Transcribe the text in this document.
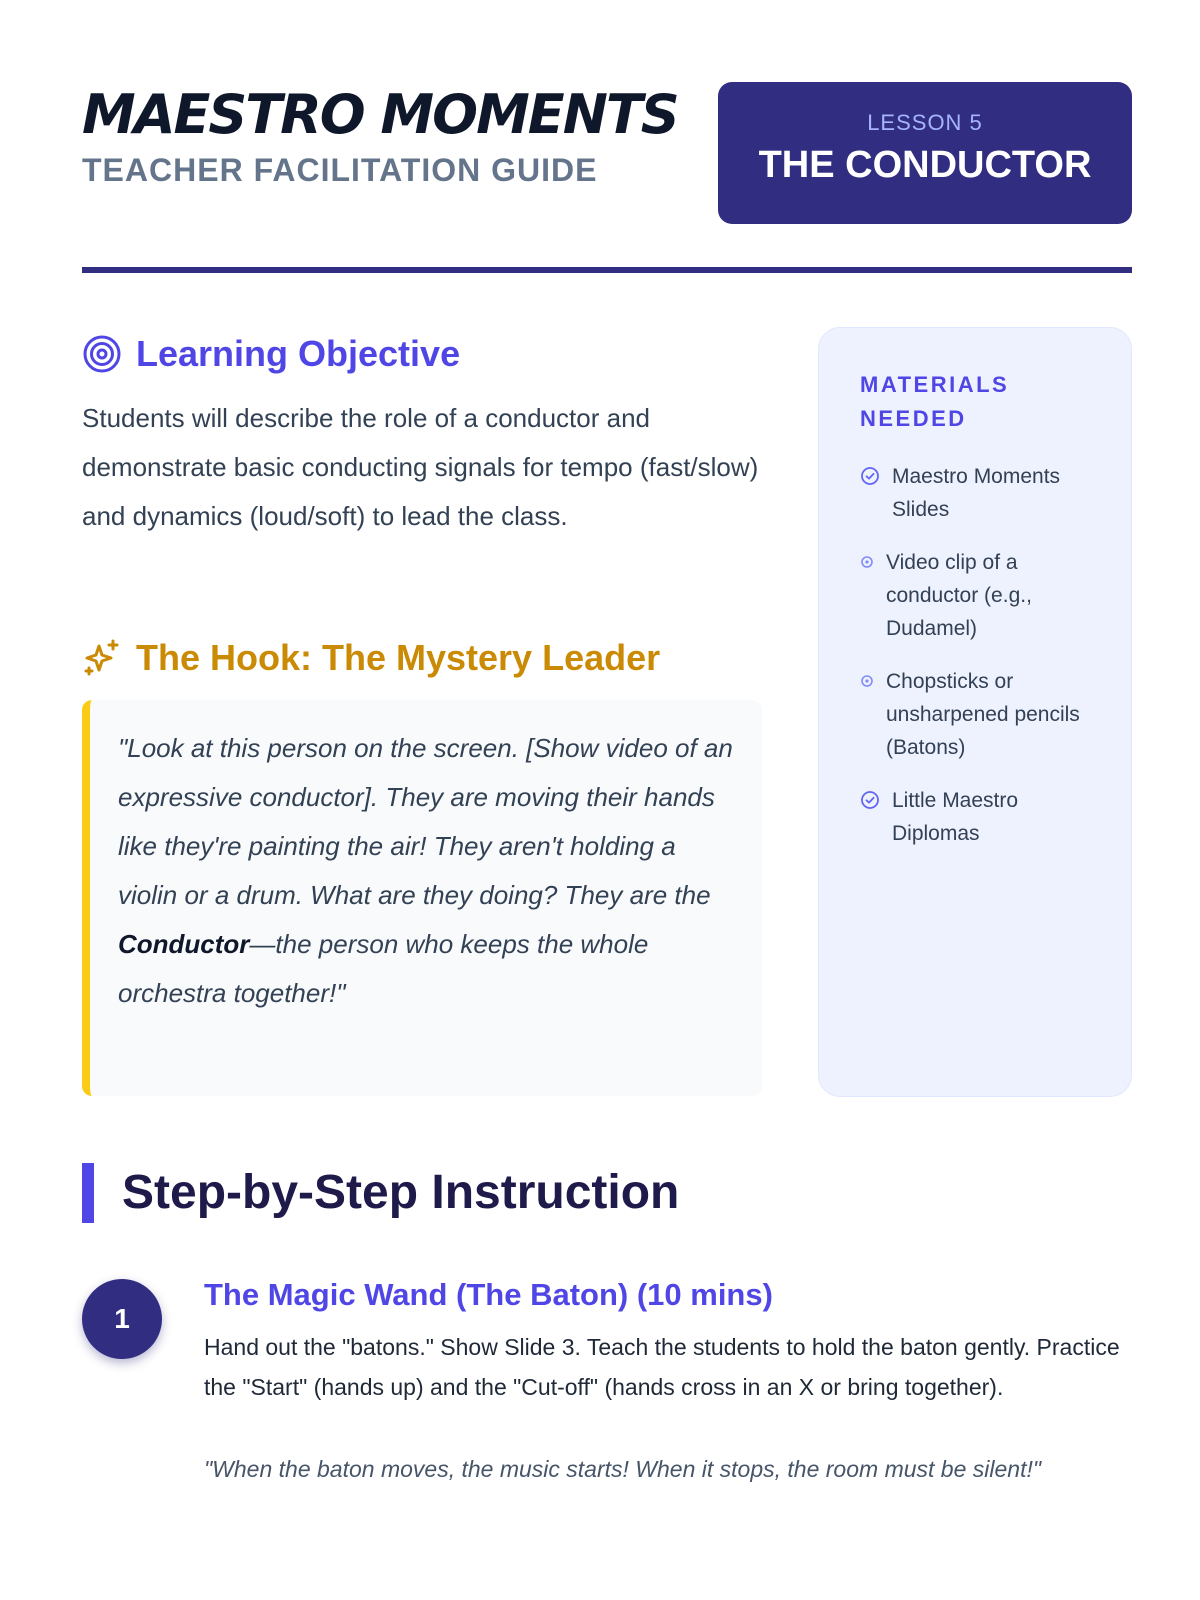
MAESTRO MOMENTS
TEACHER FACILITATION GUIDE
LESSON 5
THE CONDUCTOR
Learning Objective

Students will describe the role of a conductor and demonstrate basic conducting signals for tempo (fast/slow) and dynamics (loud/soft) to lead the class.

The Hook: The Mystery Leader

"Look at this person on the screen. [Show video of an expressive conductor]. They are moving their hands like they're painting the air! They aren't holding a violin or a drum. What are they doing? They are the Conductor—the person who keeps the whole orchestra together!"

MATERIALS NEEDED
Maestro Moments Slides
Video clip of a conductor (e.g., Dudamel)
Chopsticks or unsharpened pencils (Batons)
Little Maestro Diplomas
Step-by-Step Instruction
1
The Magic Wand (The Baton) (10 mins)

Hand out the "batons." Show Slide 3. Teach the students to hold the baton gently. Practice the "Start" (hands up) and the "Cut-off" (hands cross in an X or bring together).

"When the baton moves, the music starts! When it stops, the room must be silent!"
